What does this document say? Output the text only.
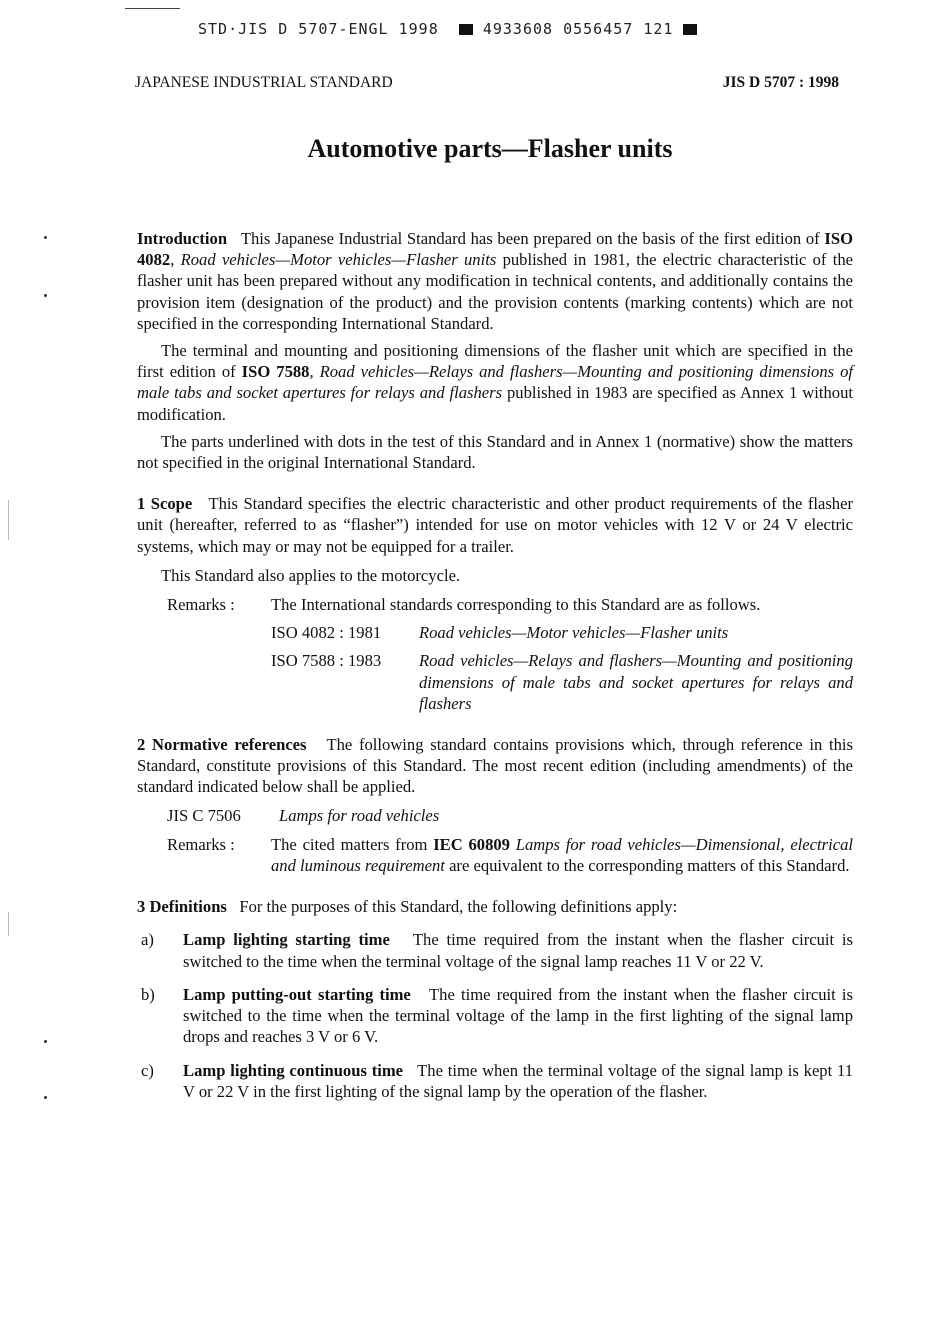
STD·JIS D 5707-ENGL 1998	4933608 0556457 121
JAPANESE INDUSTRIAL STANDARD	JIS D 5707 : 1998
Automotive parts—Flasher units

Introduction This Japanese Industrial Standard has been prepared on the basis of the first edition of ISO 4082, Road vehicles—Motor vehicles—Flasher units published in 1981, the electric characteristic of the flasher unit has been prepared without any modification in technical contents, and additionally contains the provision item (designation of the product) and the provision contents (marking contents) which are not specified in the corresponding International Standard.

The terminal and mounting and positioning dimensions of the flasher unit which are specified in the first edition of ISO 7588, Road vehicles—Relays and flashers—Mounting and positioning dimensions of male tabs and socket apertures for relays and flashers published in 1983 are specified as Annex 1 without modification.

The parts underlined with dots in the test of this Standard and in Annex 1 (normative) show the matters not specified in the original International Standard.

1 Scope This Standard specifies the electric characteristic and other product requirements of the flasher unit (hereafter, referred to as “flasher”) intended for use on motor vehicles with 12 V or 24 V electric systems, which may or may not be equipped for a trailer.

This Standard also applies to the motorcycle.

Remarks :	The International standards corresponding to this Standard are as follows.
ISO 4082 : 1981	Road vehicles—Motor vehicles—Flasher units
ISO 7588 : 1983	Road vehicles—Relays and flashers—Mounting and positioning dimensions of male tabs and socket apertures for relays and flashers

2 Normative references The following standard contains provisions which, through reference in this Standard, constitute provisions of this Standard. The most recent edition (including amendments) of the standard indicated below shall be applied.

JIS C 7506	Lamps for road vehicles
Remarks :	The cited matters from IEC 60809 Lamps for road vehicles—Dimensional, electrical and luminous requirement are equivalent to the corresponding matters of this Standard.

3 Definitions For the purposes of this Standard, the following definitions apply:

a)	Lamp lighting starting time The time required from the instant when the flasher circuit is switched to the time when the terminal voltage of the signal lamp reaches 11 V or 22 V.
b)	Lamp putting-out starting time The time required from the instant when the flasher circuit is switched to the time when the terminal voltage of the lamp in the first lighting of the signal lamp drops and reaches 3 V or 6 V.
c)	Lamp lighting continuous time The time when the terminal voltage of the signal lamp is kept 11 V or 22 V in the first lighting of the signal lamp by the operation of the flasher.
